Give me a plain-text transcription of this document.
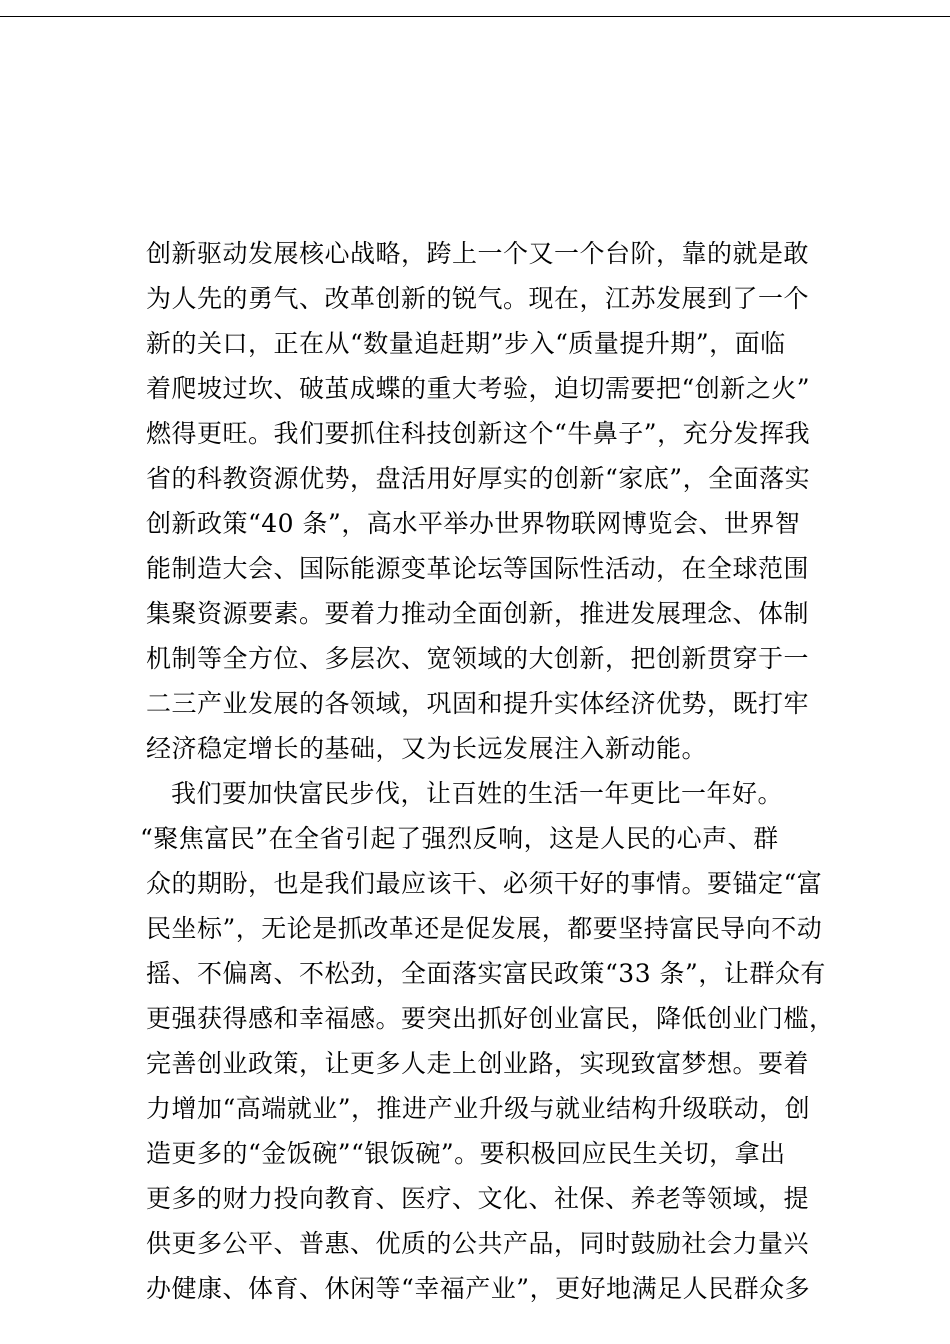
创新驱动发展核心战略，跨上一个又一个台阶，靠的就是敢
为人先的勇气、改革创新的锐气。现在，江苏发展到了一个
新的关口，正在从“数量追赶期”步入“质量提升期”，面临
着爬坡过坎、破茧成蝶的重大考验，迫切需要把“创新之火”
燃得更旺。我们要抓住科技创新这个“牛鼻子”，充分发挥我
省的科教资源优势，盘活用好厚实的创新“家底”，全面落实
创新政策“40 条”，高水平举办世界物联网博览会、世界智
能制造大会、国际能源变革论坛等国际性活动，在全球范围
集聚资源要素。要着力推动全面创新，推进发展理念、体制
机制等全方位、多层次、宽领域的大创新，把创新贯穿于一
二三产业发展的各领域，巩固和提升实体经济优势，既打牢
经济稳定增长的基础，又为长远发展注入新动能。
我们要加快富民步伐，让百姓的生活一年更比一年好。
“聚焦富民”在全省引起了强烈反响，这是人民的心声、群
众的期盼，也是我们最应该干、必须干好的事情。要锚定“富
民坐标”，无论是抓改革还是促发展，都要坚持富民导向不动
摇、不偏离、不松劲，全面落实富民政策“33 条”，让群众有
更强获得感和幸福感。要突出抓好创业富民，降低创业门槛，
完善创业政策，让更多人走上创业路，实现致富梦想。要着
力增加“高端就业”，推进产业升级与就业结构升级联动，创
造更多的“金饭碗”“银饭碗”。要积极回应民生关切，拿出
更多的财力投向教育、医疗、文化、社保、养老等领域，提
供更多公平、普惠、优质的公共产品，同时鼓励社会力量兴
办健康、体育、休闲等“幸福产业”，更好地满足人民群众多
